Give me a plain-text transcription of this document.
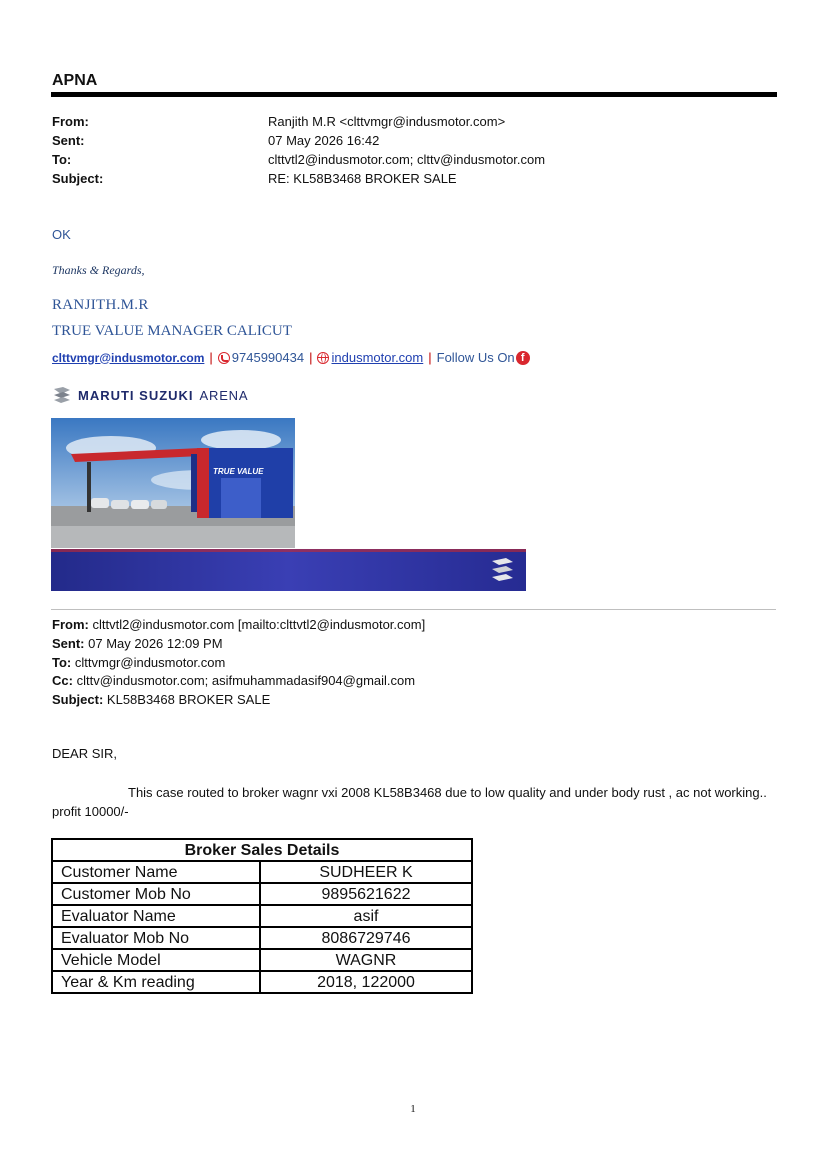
APNA
From:	Ranjith M.R <clttvmgr@indusmotor.com>
Sent:	07 May 2026 16:42
To:	clttvtl2@indusmotor.com; clttv@indusmotor.com
Subject:	RE: KL58B3468 BROKER SALE
OK
Thanks & Regards,
RANJITH.M.R
TRUE VALUE MANAGER CALICUT
clttvmgr@indusmotor.com | 9745990434 | indusmotor.com | Follow Us On f
MARUTI SUZUKI ARENA
TRUE VALUE
From: clttvtl2@indusmotor.com [mailto:clttvtl2@indusmotor.com]
Sent: 07 May 2026 12:09 PM
To: clttvmgr@indusmotor.com
Cc: clttv@indusmotor.com; asifmuhammadasif904@gmail.com
Subject: KL58B3468 BROKER SALE
DEAR SIR,
This case routed to broker wagnr vxi 2008 KL58B3468 due to low quality and under body rust , ac not working.. profit 10000/-
Broker Sales Details	
Customer Name	SUDHEER K
Customer Mob No	9895621622
Evaluator Name	asif
Evaluator Mob No	8086729746
Vehicle Model	WAGNR
Year & Km reading	2018, 122000
1
